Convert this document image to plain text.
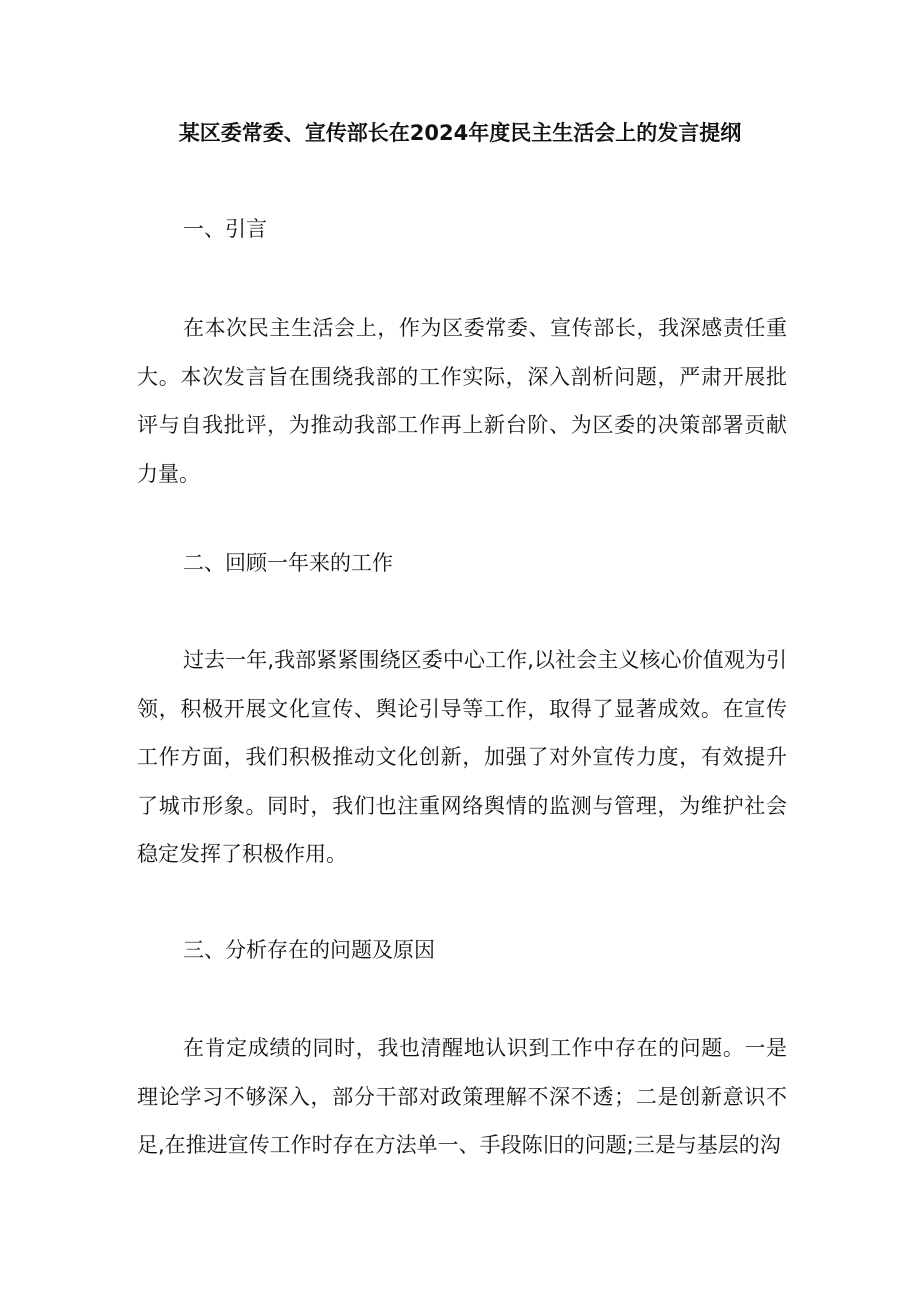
某区委常委、宣传部长在2024年度民主生活会上的发言提纲
一、引言

在本次民主生活会上，作为区委常委、宣传部长，我深感责任重大。本次发言旨在围绕我部的工作实际，深入剖析问题，严肃开展批评与自我批评，为推动我部工作再上新台阶、为区委的决策部署贡献力量。

二、回顾一年来的工作

过去一年,我部紧紧围绕区委中心工作,以社会主义核心价值观为引领，积极开展文化宣传、舆论引导等工作，取得了显著成效。在宣传工作方面，我们积极推动文化创新，加强了对外宣传力度，有效提升了城市形象。同时，我们也注重网络舆情的监测与管理，为维护社会稳定发挥了积极作用。

三、分析存在的问题及原因

在肯定成绩的同时，我也清醒地认识到工作中存在的问题。一是理论学习不够深入，部分干部对政策理解不深不透；二是创新意识不足,在推进宣传工作时存在方法单一、手段陈旧的问题;三是与基层的沟
